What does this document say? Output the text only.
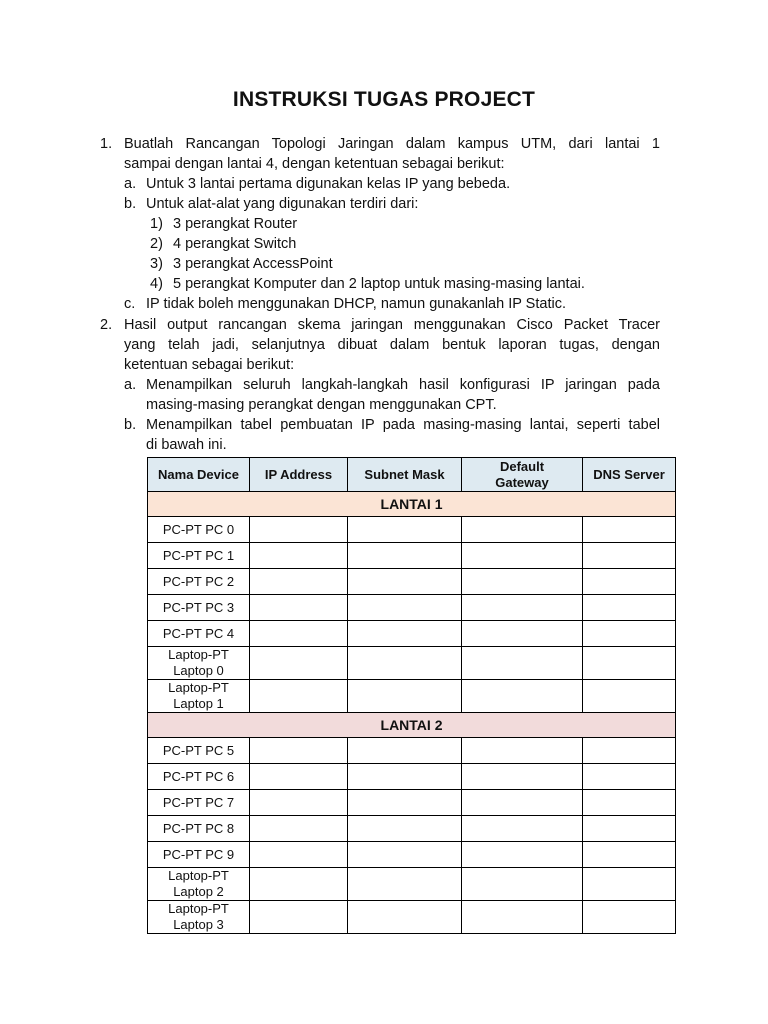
INSTRUKSI TUGAS PROJECT
1. Buatlah Rancangan Topologi Jaringan dalam kampus UTM, dari lantai 1
sampai dengan lantai 4, dengan ketentuan sebagai berikut:
a. Untuk 3 lantai pertama digunakan kelas IP yang bebeda.
b. Untuk alat-alat yang digunakan terdiri dari:
1) 3 perangkat Router
2) 4 perangkat Switch
3) 3 perangkat AccessPoint
4) 5 perangkat Komputer dan 2 laptop untuk masing-masing lantai.
c. IP tidak boleh menggunakan DHCP, namun gunakanlah IP Static.
2. Hasil output rancangan skema jaringan menggunakan Cisco Packet Tracer
yang telah jadi, selanjutnya dibuat dalam bentuk laporan tugas, dengan
ketentuan sebagai berikut:
a. Menampilkan seluruh langkah-langkah hasil konfigurasi IP jaringan pada
masing-masing perangkat dengan menggunakan CPT.
b. Menampilkan tabel pembuatan IP pada masing-masing lantai, seperti tabel
di bawah ini.
Nama Device	IP Address	Subnet Mask	Default
Gateway	DNS Server
LANTAI 1				
PC-PT PC 0				
PC-PT PC 1				
PC-PT PC 2				
PC-PT PC 3				
PC-PT PC 4				

Laptop-PT
Laptop 0				

Laptop-PT
Laptop 1				

LANTAI 2				
PC-PT PC 5				
PC-PT PC 6				
PC-PT PC 7				
PC-PT PC 8				
PC-PT PC 9				

Laptop-PT
Laptop 2				

Laptop-PT
Laptop 3				
